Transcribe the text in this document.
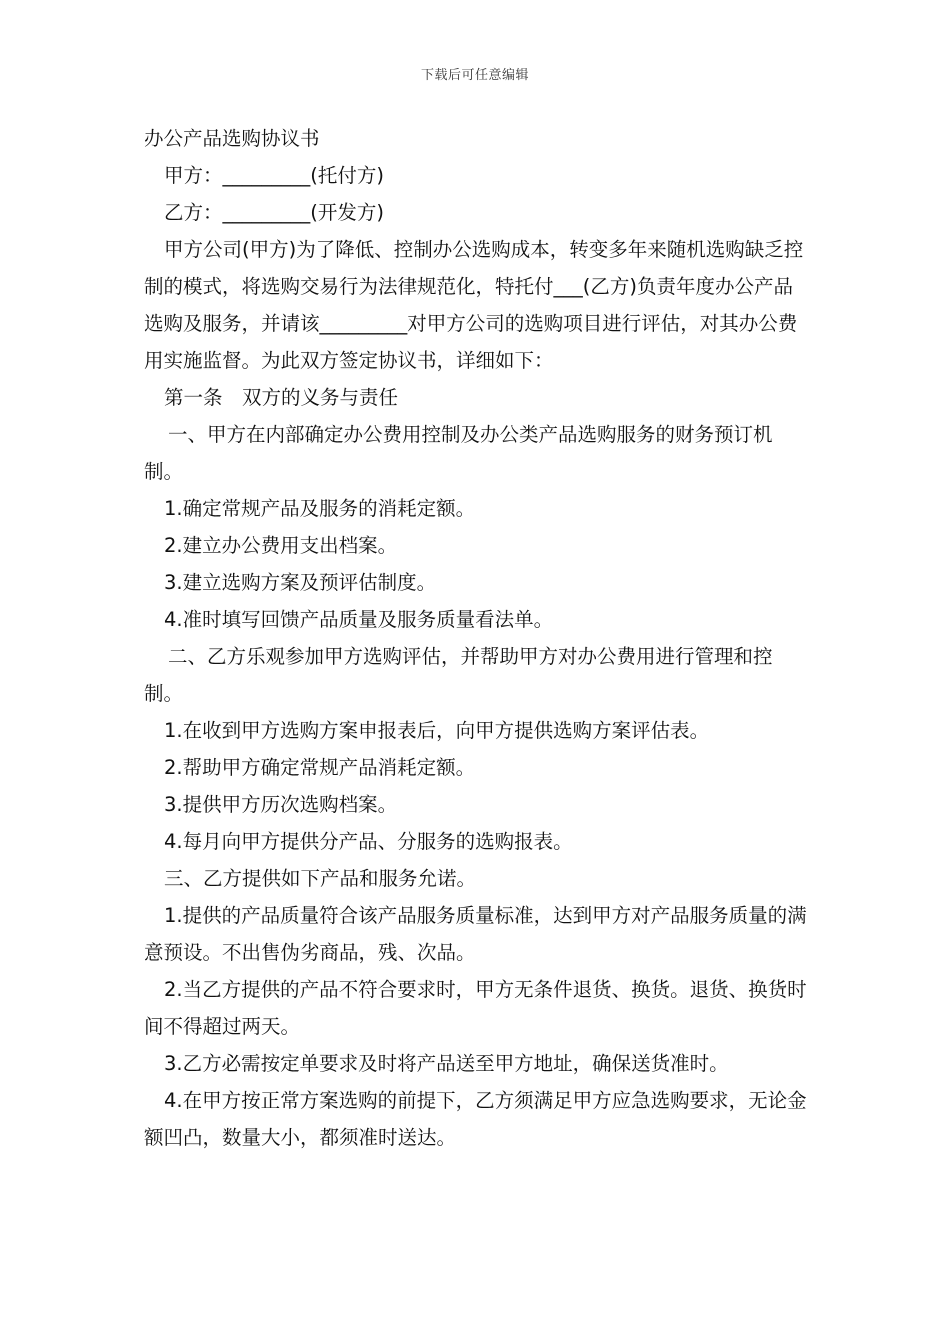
下载后可任意编辑

办公产品选购协议书

甲方：_________(托付方)

乙方：_________(开发方)

甲方公司(甲方)为了降低、控制办公选购成本，转变多年来随机选购缺乏控制的模式，将选购交易行为法律规范化，特托付___(乙方)负责年度办公产品选购及服务，并请该_________对甲方公司的选购项目进行评估，对其办公费用实施监督。为此双方签定协议书，详细如下：

第一条　双方的义务与责任

一、甲方在内部确定办公费用控制及办公类产品选购服务的财务预订机制。

1.确定常规产品及服务的消耗定额。

2.建立办公费用支出档案。

3.建立选购方案及预评估制度。

4.准时填写回馈产品质量及服务质量看法单。

二、乙方乐观参加甲方选购评估，并帮助甲方对办公费用进行管理和控制。

1.在收到甲方选购方案申报表后，向甲方提供选购方案评估表。

2.帮助甲方确定常规产品消耗定额。

3.提供甲方历次选购档案。

4.每月向甲方提供分产品、分服务的选购报表。

三、乙方提供如下产品和服务允诺。

1.提供的产品质量符合该产品服务质量标准，达到甲方对产品服务质量的满意预设。不出售伪劣商品，残、次品。

2.当乙方提供的产品不符合要求时，甲方无条件退货、换货。退货、换货时间不得超过两天。

3.乙方必需按定单要求及时将产品送至甲方地址，确保送货准时。

4.在甲方按正常方案选购的前提下，乙方须满足甲方应急选购要求，无论金额凹凸，数量大小，都须准时送达。
